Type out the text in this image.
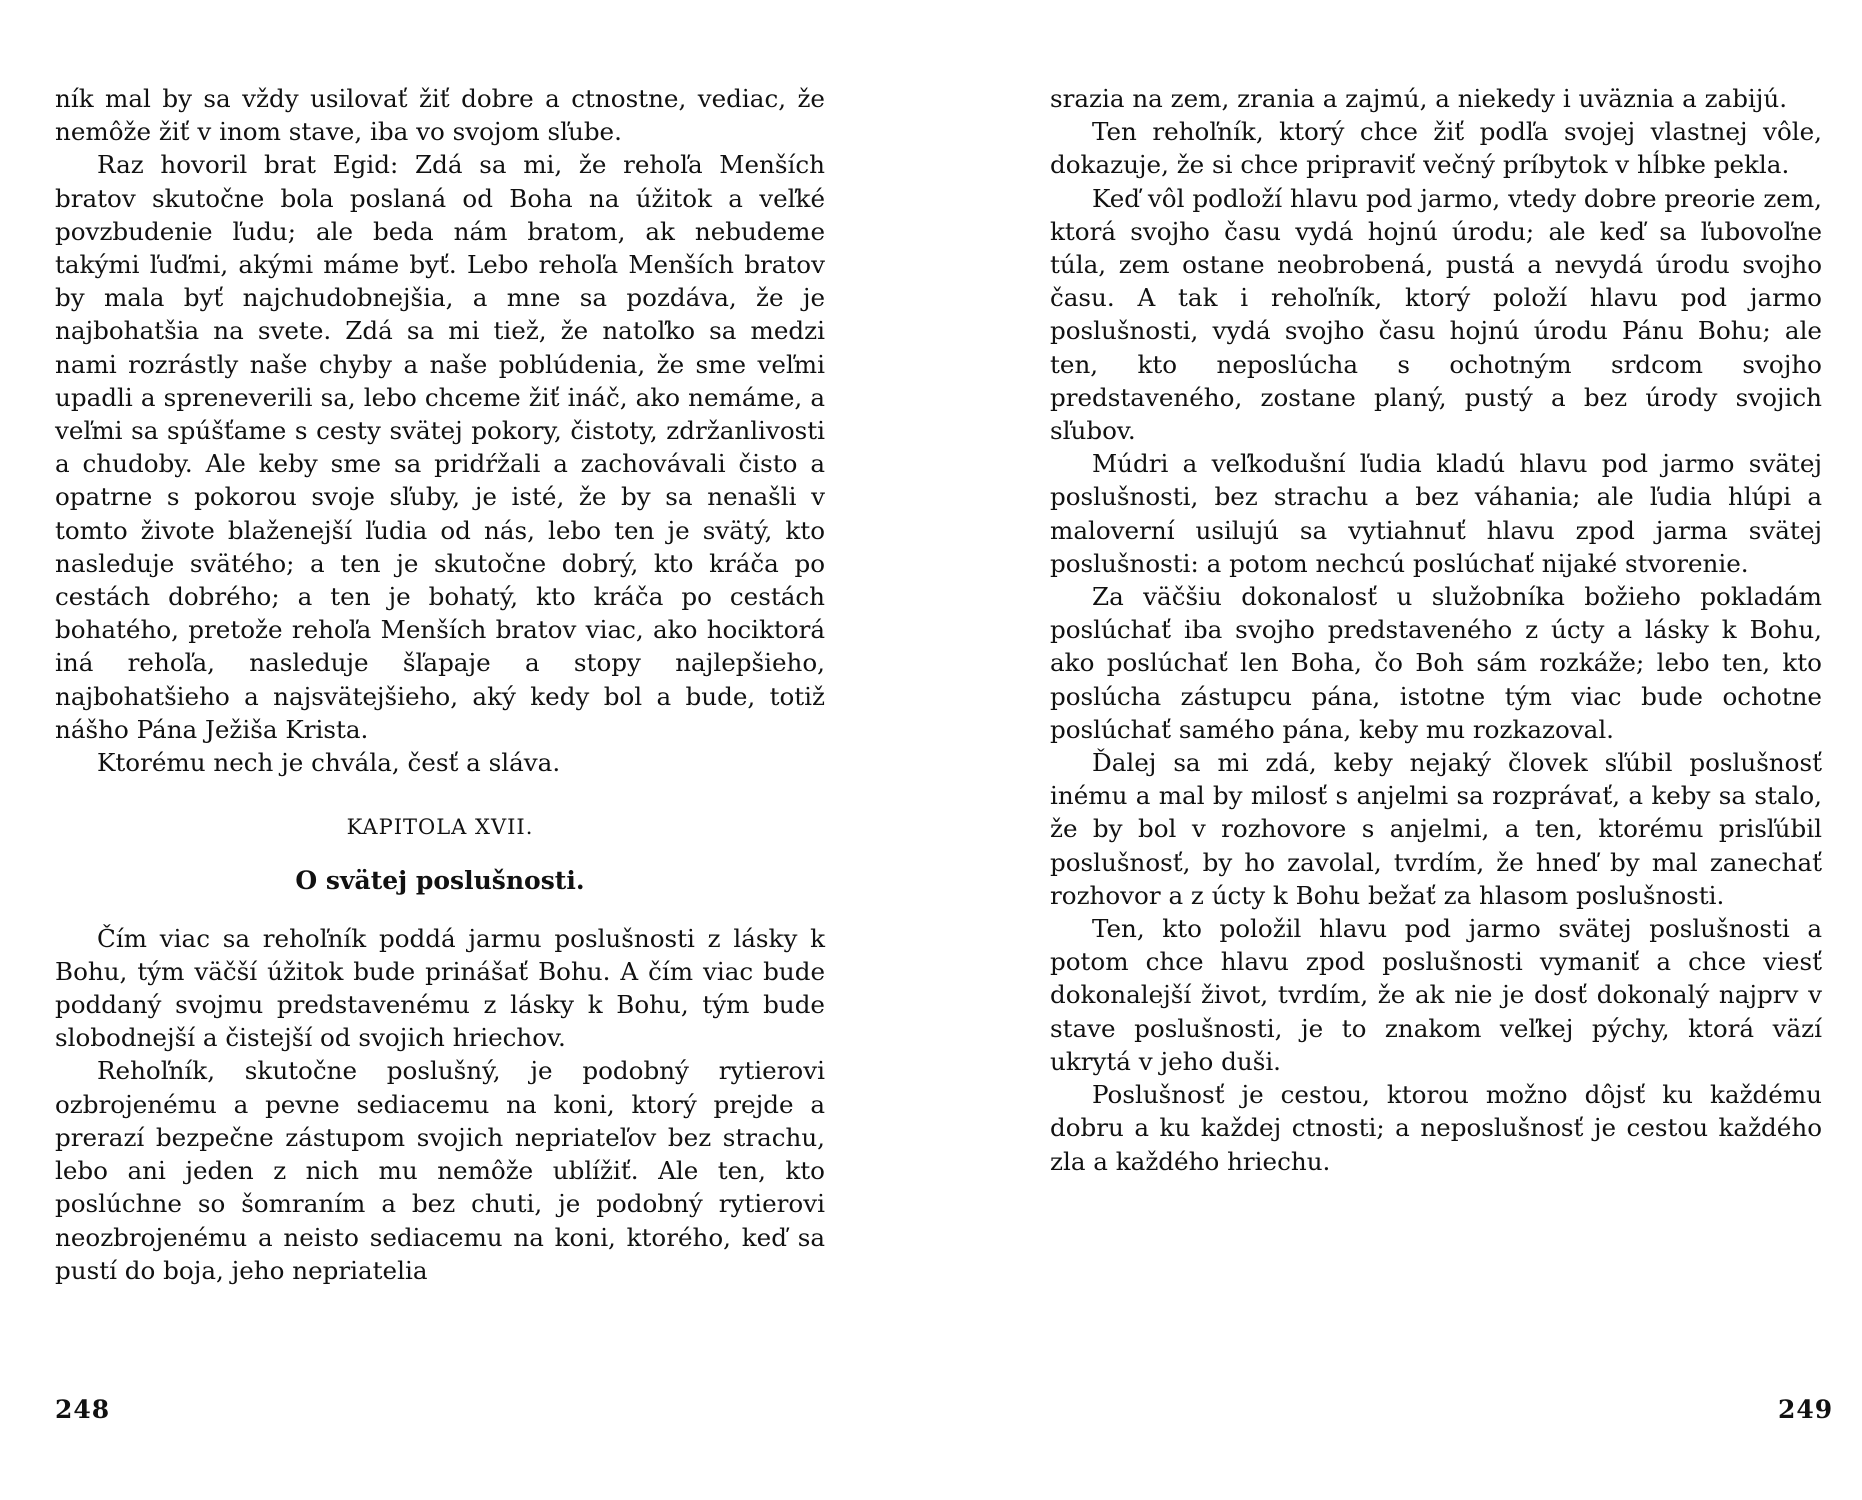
ník mal by sa vždy usilovať žiť dobre a ctnostne, vediac, že nemôže žiť v inom stave, iba vo svojom sľube.

Raz hovoril brat Egid: Zdá sa mi, že rehoľa Menších bratov skutočne bola poslaná od Boha na úžitok a veľké povzbudenie ľudu; ale beda nám bratom, ak nebudeme takými ľuďmi, akými máme byť. Lebo rehoľa Menších bratov by mala byť najchudobnejšia, a mne sa pozdáva, že je najbohatšia na svete. Zdá sa mi tiež, že natoľko sa medzi nami rozrástly naše chyby a naše poblúdenia, že sme veľmi upadli a spreneverili sa, lebo chceme žiť ináč, ako nemáme, a veľmi sa spúšťame s cesty svätej pokory, čistoty, zdržanlivosti a chudoby. Ale keby sme sa pridŕžali a zachovávali čisto a opatrne s pokorou svoje sľuby, je isté, že by sa nenašli v tomto živote blaženejší ľudia od nás, lebo ten je svätý, kto nasleduje svätého; a ten je skutočne dobrý, kto kráča po cestách dobrého; a ten je bohatý, kto kráča po cestách bohatého, pretože rehoľa Menších bratov viac, ako hociktorá iná rehoľa, nasleduje šľapaje a stopy najlepšieho, najbohatšieho a najsvätejšieho, aký kedy bol a bude, totiž nášho Pána Ježiša Krista.

Ktorému nech je chvála, česť a sláva.

KAPITOLA XVII.
O svätej poslušnosti.

Čím viac sa rehoľník poddá jarmu poslušnosti z lásky k Bohu, tým väčší úžitok bude prinášať Bohu. A čím viac bude poddaný svojmu predstavenému z lásky k Bohu, tým bude slobodnejší a čistejší od svojich hriechov.

Rehoľník, skutočne poslušný, je podobný rytierovi ozbrojenému a pevne sediacemu na koni, ktorý prejde a prerazí bezpečne zástupom svojich nepriateľov bez strachu, lebo ani jeden z nich mu nemôže ublížiť. Ale ten, kto poslúchne so šomraním a bez chuti, je podobný rytierovi neozbrojenému a neisto sediacemu na koni, ktorého, keď sa pustí do boja, jeho nepriatelia

srazia na zem, zrania a zajmú, a niekedy i uväznia a zabijú.

Ten rehoľník, ktorý chce žiť podľa svojej vlastnej vôle, dokazuje, že si chce pripraviť večný príbytok v hĺbke pekla.

Keď vôl podloží hlavu pod jarmo, vtedy dobre preorie zem, ktorá svojho času vydá hojnú úrodu; ale keď sa ľubovoľne túla, zem ostane neobrobená, pustá a nevydá úrodu svojho času. A tak i rehoľník, ktorý položí hlavu pod jarmo poslušnosti, vydá svojho času hojnú úrodu Pánu Bohu; ale ten, kto neposlúcha s ochotným srdcom svojho predstaveného, zostane planý, pustý a bez úrody svojich sľubov.

Múdri a veľkodušní ľudia kladú hlavu pod jarmo svätej poslušnosti, bez strachu a bez váhania; ale ľudia hlúpi a maloverní usilujú sa vytiahnuť hlavu zpod jarma svätej poslušnosti: a potom nechcú poslúchať nijaké stvorenie.

Za väčšiu dokonalosť u služobníka božieho pokladám poslúchať iba svojho predstaveného z úcty a lásky k Bohu, ako poslúchať len Boha, čo Boh sám rozkáže; lebo ten, kto poslúcha zástupcu pána, istotne tým viac bude ochotne poslúchať samého pána, keby mu rozkazoval.

Ďalej sa mi zdá, keby nejaký človek sľúbil poslušnosť inému a mal by milosť s anjelmi sa rozprávať, a keby sa stalo, že by bol v rozhovore s anjelmi, a ten, ktorému prisľúbil poslušnosť, by ho zavolal, tvrdím, že hneď by mal zanechať rozhovor a z úcty k Bohu bežať za hlasom poslušnosti.

Ten, kto položil hlavu pod jarmo svätej poslušnosti a potom chce hlavu zpod poslušnosti vymaniť a chce viesť dokonalejší život, tvrdím, že ak nie je dosť dokonalý najprv v stave poslušnosti, je to znakom veľkej pýchy, ktorá väzí ukrytá v jeho duši.

Poslušnosť je cestou, ktorou možno dôjsť ku každému dobru a ku každej ctnosti; a neposlušnosť je cestou každého zla a každého hriechu.

248	249
